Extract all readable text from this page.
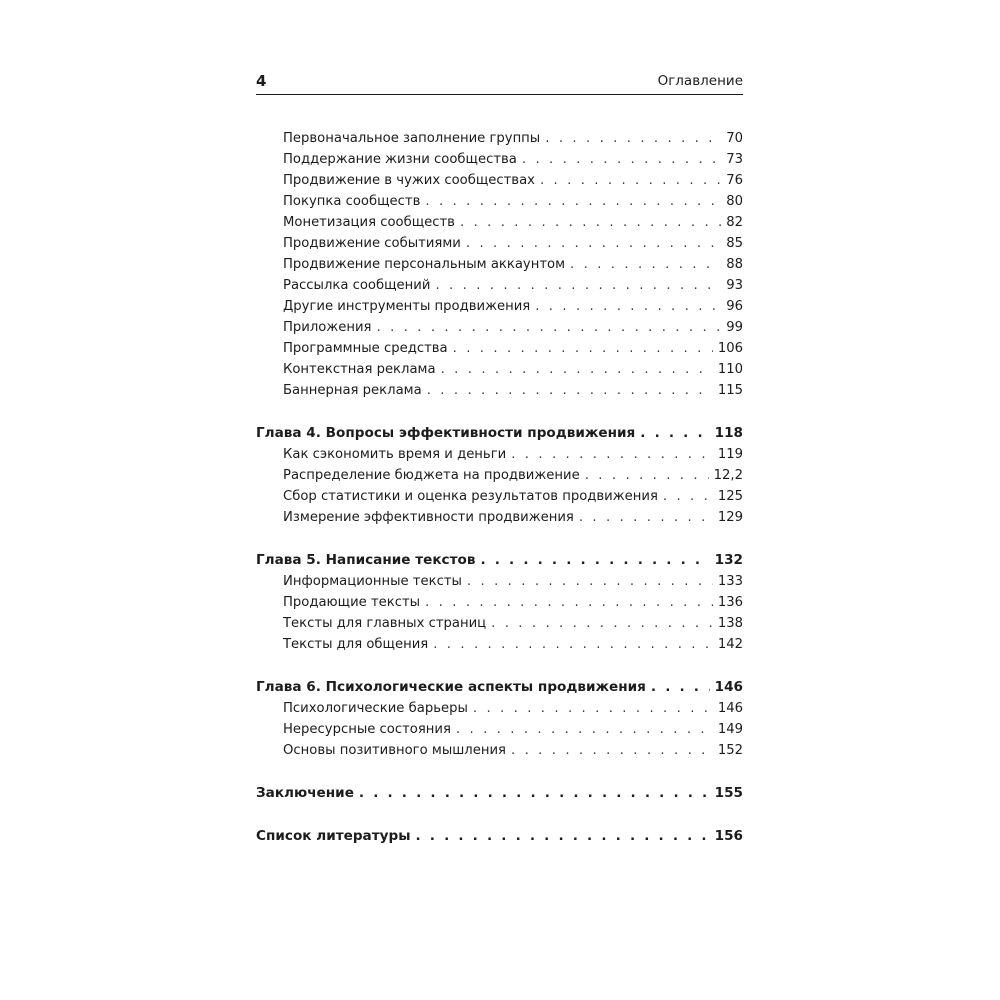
4	Оглавление
Первоначальное заполнение группы . . .	70
Поддержание жизни сообщества . . .	73
Продвижение в чужих сообществах . . .	76
Покупка сообществ . . .	80
Монетизация сообществ . . .	82
Продвижение событиями . . .	85
Продвижение персональным аккаунтом . . .	88
Рассылка сообщений . . .	93
Другие инструменты продвижения . . .	96
Приложения . . .	99
Программные средства . . .	106
Контекстная реклама . . .	110
Баннерная реклама . . .	115
Глава 4. Вопросы эффективности продвижения . . .	118
Как сэкономить время и деньги . . .	119
Распределение бюджета на продвижение . . .	12,2
Сбор статистики и оценка результатов продвижения . . .	125
Измерение эффективности продвижения . . .	129
Глава 5. Написание текстов . . .	132
Информационные тексты . . .	133
Продающие тексты . . .	136
Тексты для главных страниц . . .	138
Тексты для общения . . .	142
Глава 6. Психологические аспекты продвижения . . .	146
Психологические барьеры . . .	146
Нересурсные состояния . . .	149
Основы позитивного мышления . . .	152
Заключение . . .	155
Список литературы . . .	156
